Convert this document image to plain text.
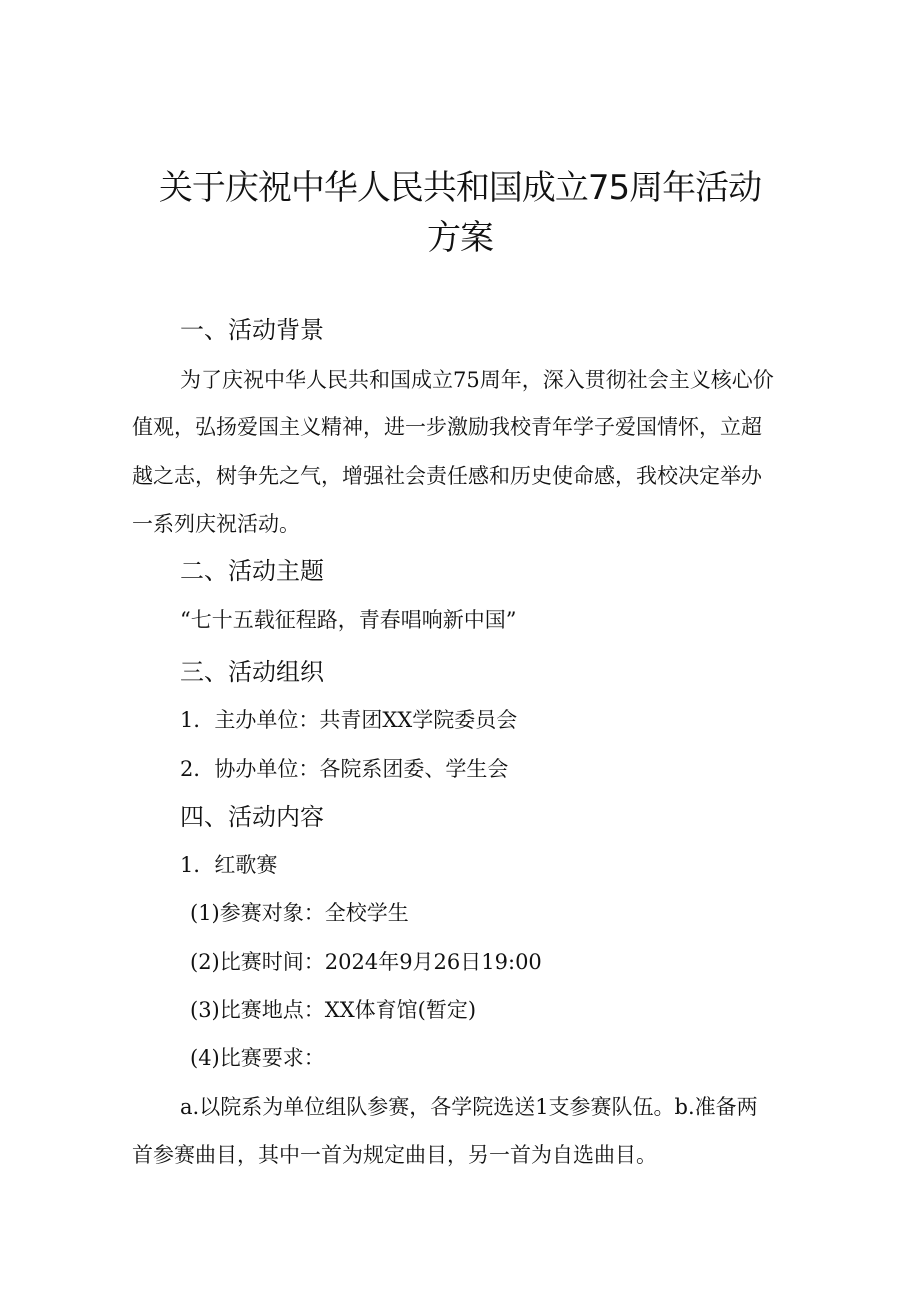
关于庆祝中华人民共和国成立75周年活动
方案
一、活动背景

为了庆祝中华人民共和国成立75周年，深入贯彻社会主义核心价

值观，弘扬爱国主义精神，进一步激励我校青年学子爱国情怀，立超

越之志，树争先之气，增强社会责任感和历史使命感，我校决定举办

一系列庆祝活动。

二、活动主题

“七十五载征程路，青春唱响新中国”

三、活动组织

1．主办单位：共青团XX学院委员会

2．协办单位：各院系团委、学生会

四、活动内容

1．红歌赛

(1)参赛对象：全校学生

(2)比赛时间：2024年9月26日19:00

(3)比赛地点：XX体育馆(暂定)

(4)比赛要求：

a.以院系为单位组队参赛，各学院选送1支参赛队伍。b.准备两

首参赛曲目，其中一首为规定曲目，另一首为自选曲目。
